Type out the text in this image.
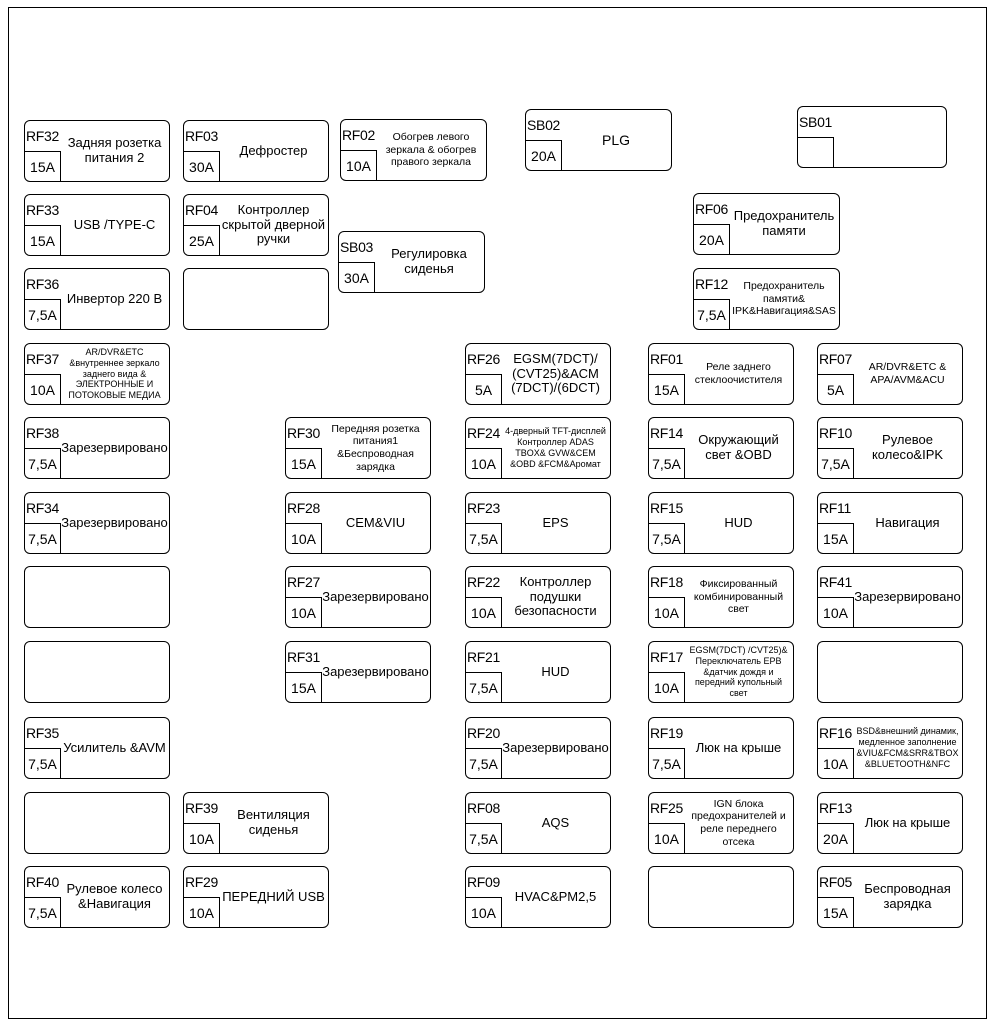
RF32
15A
Задняя розетка питания 2
RF03
30A
Дефростер
RF02
10A
Обогрев левого зеркала & обогрев правого зеркала
SB02
20A
PLG
SB01
RF33
15A
USB /TYPE-C
RF04
25A
Контроллер скрытой дверной ручки
SB03
30A
Регулировка сиденья
RF06
20A
Предохранитель памяти
RF36
7,5A
Инвертор 220 В
RF12
7,5A
Предохранитель памяти& IPK&Навигация&SAS
RF37
10A
AR/DVR&ETC &внутреннее зеркало заднего вида & ЭЛЕКТРОННЫЕ И ПОТОКОВЫЕ МЕДИА
RF26
5A
EGSM(7DCT)/ (CVT25)&ACM (7DCT)/(6DCT)
RF01
15A
Реле заднего стеклоочистителя
RF07
5A
AR/DVR&ETC & APA/AVM&ACU
RF38
7,5A
Зарезервировано
RF30
15A
Передняя розетка питания1 &Беспроводная зарядка
RF24
10A
4-дверный TFT-дисплей Контроллер ADAS TBOX& GVW&CEM &OBD &FCM&Аромат
RF14
7,5A
Окружающий свет &OBD
RF10
7,5A
Рулевое колесо&IPK
RF34
7,5A
Зарезервировано
RF28
10A
CEM&VIU
RF23
7,5A
EPS
RF15
7,5A
HUD
RF11
15A
Навигация
RF27
10A
Зарезервировано
RF22
10A
Контроллер подушки безопасности
RF18
10A
Фиксированный комбинированный свет
RF41
10A
Зарезервировано
RF31
15A
Зарезервировано
RF21
7,5A
HUD
RF17
10A
EGSM(7DCT) /CVT25)& Переключатель EPB &датчик дождя и передний купольный свет
RF35
7,5A
Усилитель &AVM
RF20
7,5A
Зарезервировано
RF19
7,5A
Люк на крыше
RF16
10A
BSD&внешний динамик, медленное заполнение &VIU&FCM&SRR&TBOX &BLUETOOTH&NFC
RF39
10A
Вентиляция сиденья
RF08
7,5A
AQS
RF25
10A
IGN блока предохранителей и реле переднего отсека
RF13
20A
Люк на крыше
RF40
7,5A
Рулевое колесо &Навигация
RF29
10A
ПЕРЕДНИЙ USB
RF09
10A
HVAC&PM2,5
RF05
15A
Беспроводная зарядка
